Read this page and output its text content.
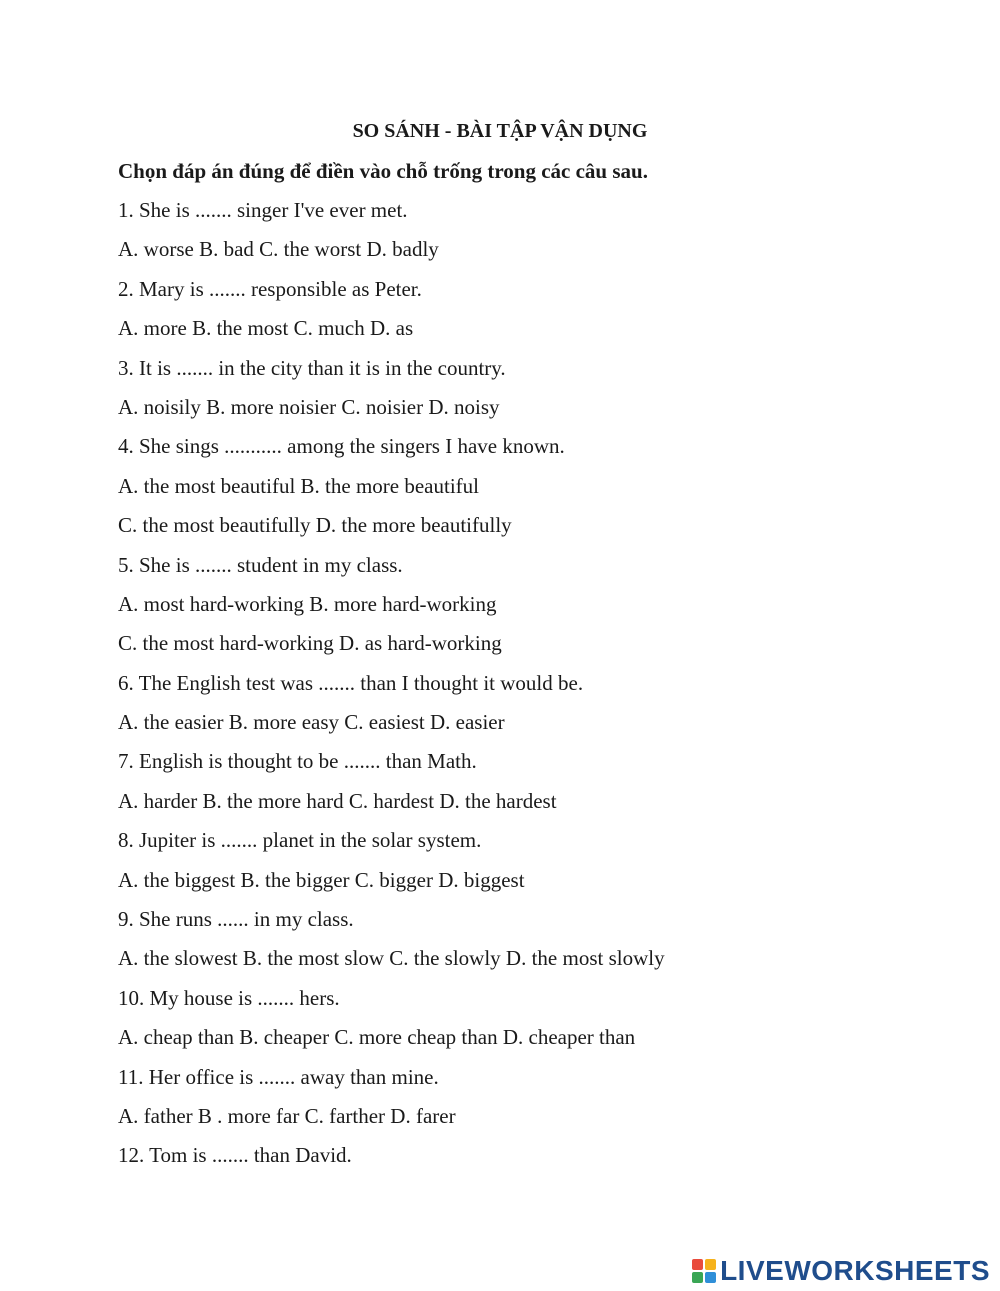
SO SÁNH - BÀI TẬP VẬN DỤNG
Chọn đáp án đúng để điền vào chỗ trống trong các câu sau.
1. She is ....... singer I've ever met.
A. worse B. bad C. the worst D. badly
2. Mary is ....... responsible as Peter.
A. more B. the most C. much D. as
3. It is ....... in the city than it is in the country.
A. noisily B. more noisier C. noisier D. noisy
4. She sings ........... among the singers I have known.
A. the most beautiful B. the more beautiful
C. the most beautifully D. the more beautifully
5. She is ....... student in my class.
A. most hard-working B. more hard-working
C. the most hard-working D. as hard-working
6. The English test was ....... than I thought it would be.
A. the easier B. more easy C. easiest D. easier
7. English is thought to be ....... than Math.
A. harder B. the more hard C. hardest D. the hardest
8. Jupiter is ....... planet in the solar system.
A. the biggest B. the bigger C. bigger D. biggest
9. She runs ...... in my class.
A. the slowest B. the most slow C. the slowly D. the most slowly
10. My house is ....... hers.
A. cheap than B. cheaper C. more cheap than D. cheaper than
11. Her office is ....... away than mine.
A. father B . more far C. farther D. farer
12. Tom is ....... than David.
LIVEWORKSHEETS
